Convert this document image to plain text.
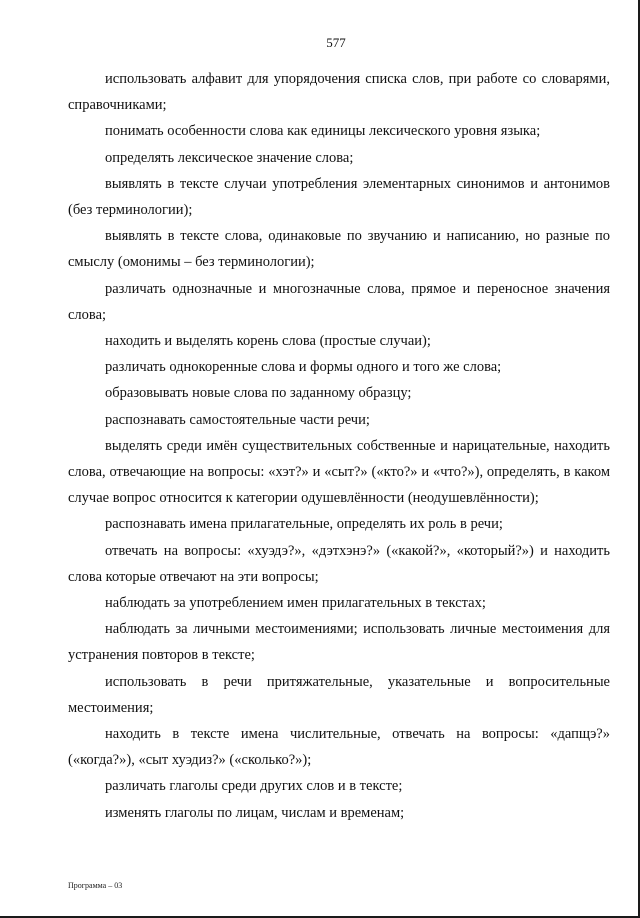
577

использовать алфавит для упорядочения списка слов, при работе со словарями, справочниками;

понимать особенности слова как единицы лексического уровня языка;

определять лексическое значение слова;

выявлять в тексте случаи употребления элементарных синонимов и антонимов (без терминологии);

выявлять в тексте слова, одинаковые по звучанию и написанию, но разные по смыслу (омонимы – без терминологии);

различать однозначные и многозначные слова, прямое и переносное значения слова;

находить и выделять корень слова (простые случаи);

различать однокоренные слова и формы одного и того же слова;

образовывать новые слова по заданному образцу;

распознавать самостоятельные части речи;

выделять среди имён существительных собственные и нарицательные, находить слова, отвечающие на вопросы: «хэт?» и «сыт?» («кто?» и «что?»), определять, в каком случае вопрос относится к категории одушевлённости (неодушевлённости);

распознавать имена прилагательные, определять их роль в речи;

отвечать на вопросы: «хуэдэ?», «дэтхэнэ?» («какой?», «который?») и находить слова которые отвечают на эти вопросы;

наблюдать за употреблением имен прилагательных в текстах;

наблюдать за личными местоимениями; использовать личные местоимения для устранения повторов в тексте;

использовать в речи притяжательные, указательные и вопросительные местоимения;

находить в тексте имена числительные, отвечать на вопросы: «дапщэ?» («когда?»), «сыт хуэдиз?» («сколько?»);

различать глаголы среди других слов и в тексте;

изменять глаголы по лицам, числам и временам;

Программа – 03
